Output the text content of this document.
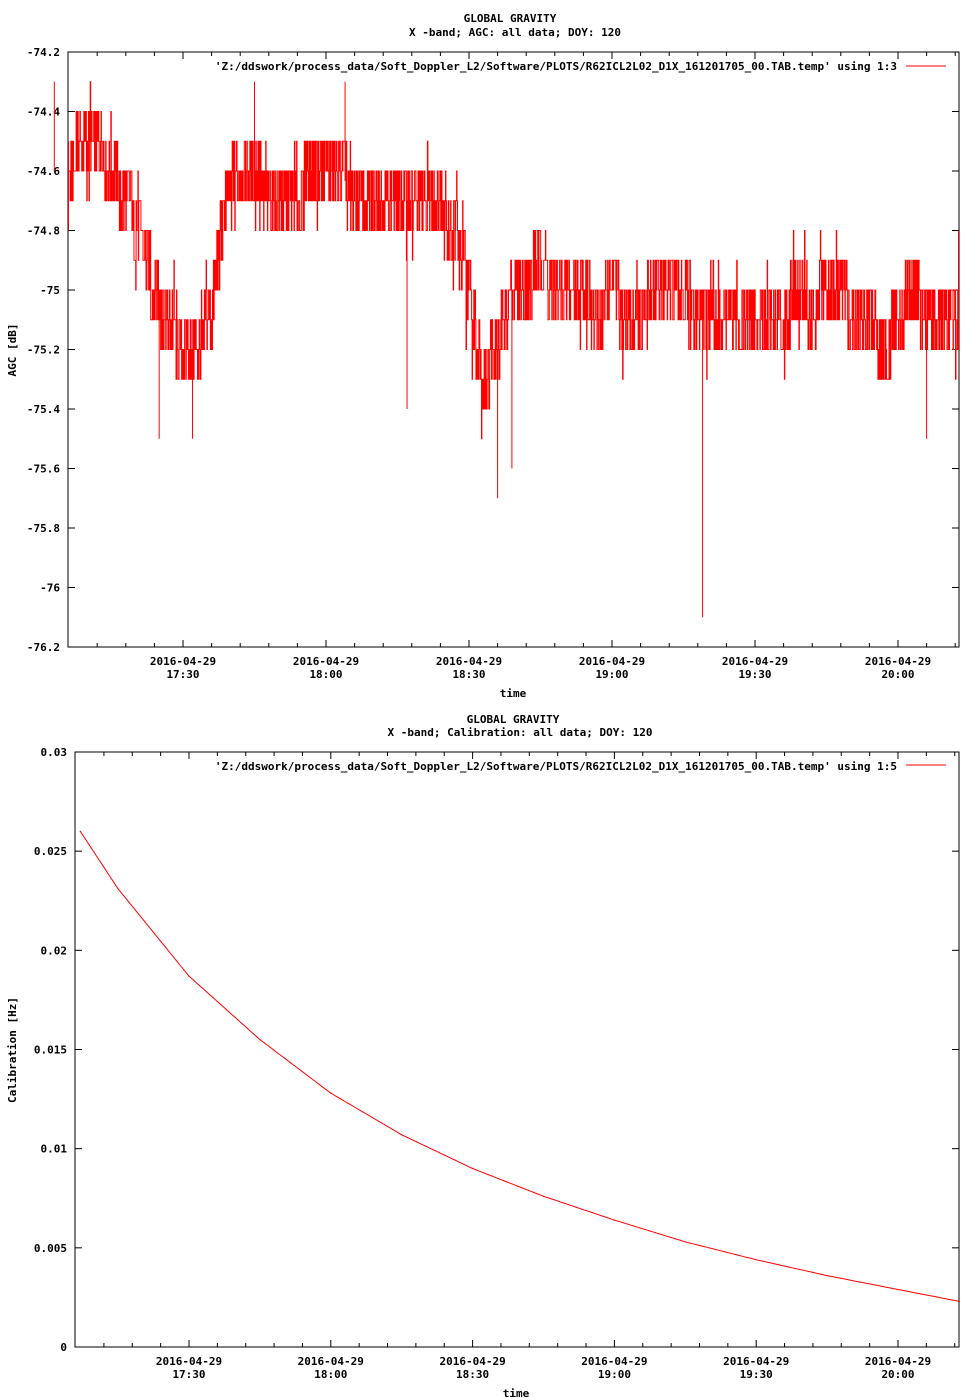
GLOBAL GRAVITY
X -band; AGC: all data; DOY: 120
-74.2
-74.4
-74.6
-74.8
-75
-75.2
-75.4
-75.6
-75.8
-76
-76.2
2016-04-29
17:30
2016-04-29
18:00
2016-04-29
18:30
2016-04-29
19:00
2016-04-29
19:30
2016-04-29
20:00
'Z:/ddswork/process_data/Soft_Doppler_L2/Software/PLOTS/R62ICL2L02_D1X_161201705_00.TAB.temp' using 1:3
AGC [dB]
time
GLOBAL GRAVITY
X -band; Calibration: all data; DOY: 120
0.03
0.025
0.02
0.015
0.01
0.005
0
2016-04-29
17:30
2016-04-29
18:00
2016-04-29
18:30
2016-04-29
19:00
2016-04-29
19:30
2016-04-29
20:00
'Z:/ddswork/process_data/Soft_Doppler_L2/Software/PLOTS/R62ICL2L02_D1X_161201705_00.TAB.temp' using 1:5
Calibration [Hz]
time
